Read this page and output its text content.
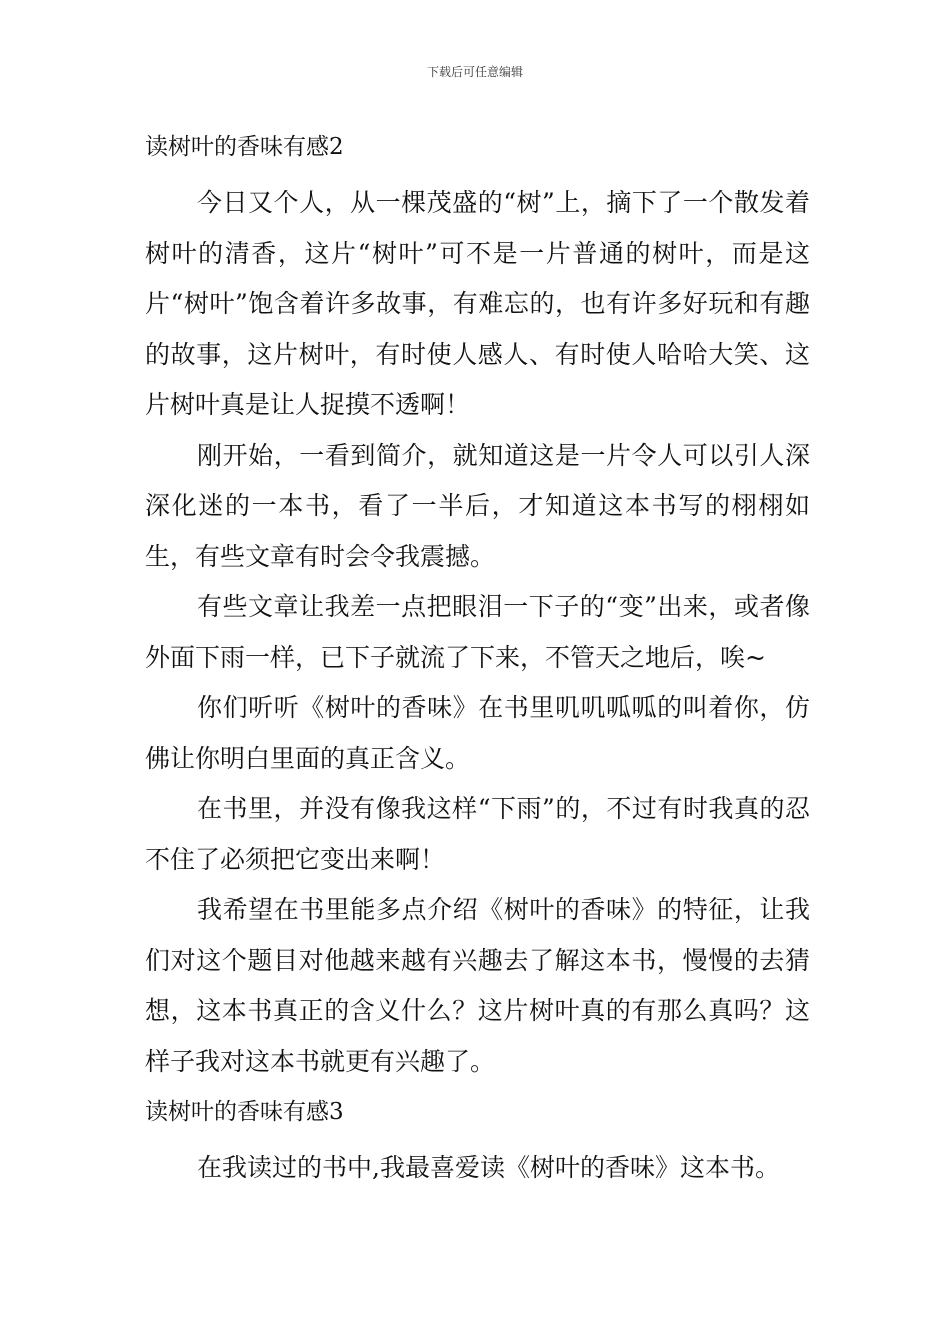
下载后可任意编辑
读树叶的香味有感2

今日又个人，从一棵茂盛的“树”上，摘下了一个散发着树叶的清香，这片“树叶”可不是一片普通的树叶，而是这片“树叶”饱含着许多故事，有难忘的，也有许多好玩和有趣的故事，这片树叶，有时使人感人、有时使人哈哈大笑、这片树叶真是让人捉摸不透啊！

刚开始，一看到简介，就知道这是一片令人可以引人深深化迷的一本书，看了一半后，才知道这本书写的栩栩如生，有些文章有时会令我震撼。

有些文章让我差一点把眼泪一下子的“变”出来，或者像外面下雨一样，已下子就流了下来，不管天之地后，唉~

你们听听《树叶的香味》在书里叽叽呱呱的叫着你，仿佛让你明白里面的真正含义。

在书里，并没有像我这样“下雨”的，不过有时我真的忍不住了必须把它变出来啊！

我希望在书里能多点介绍《树叶的香味》的特征，让我们对这个题目对他越来越有兴趣去了解这本书，慢慢的去猜想，这本书真正的含义什么？这片树叶真的有那么真吗？这样子我对这本书就更有兴趣了。

读树叶的香味有感3

在我读过的书中,我最喜爱读《树叶的香味》这本书。
